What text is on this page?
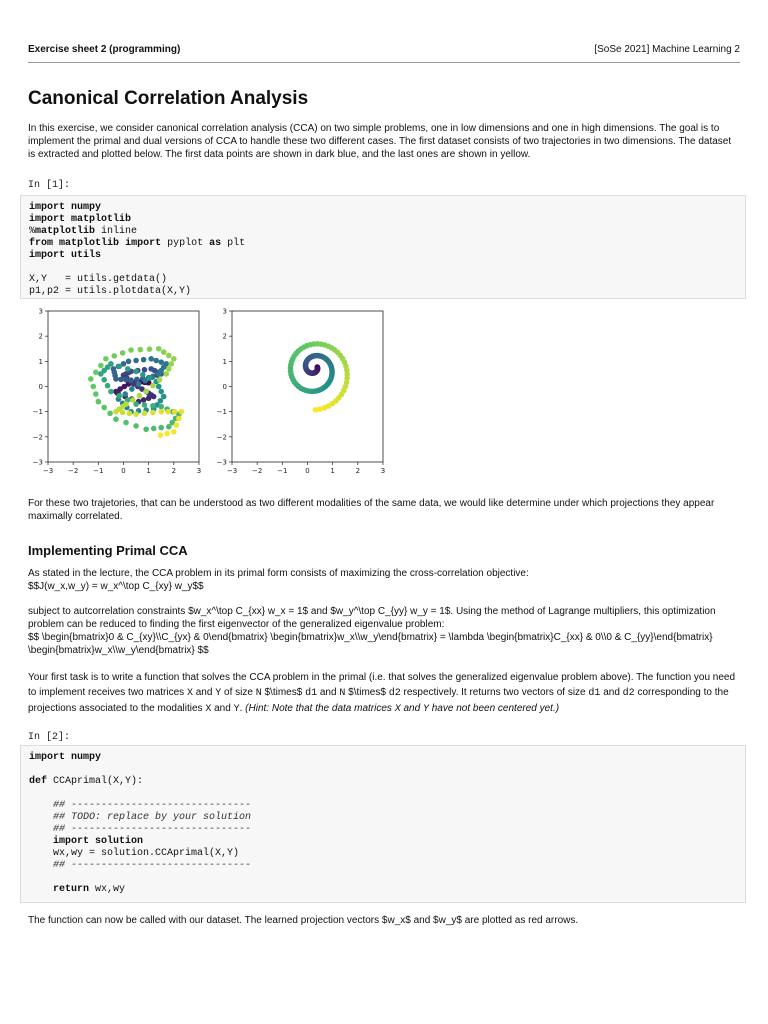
Exercise sheet 2 (programming)	[SoSe 2021] Machine Learning 2
Canonical Correlation Analysis

In this exercise, we consider canonical correlation analysis (CCA) on two simple problems, one in low dimensions and one in high dimensions. The goal is to implement the primal and dual versions of CCA to handle these two different cases. The first dataset consists of two trajectories in two dimensions. The dataset is extracted and plotted below. The first data points are shown in dark blue, and the last ones are shown in yellow.

In [1]:
import numpy
import matplotlib
%matplotlib inline
from matplotlib import pyplot as plt
import utils
X,Y   = utils.getdata()
p1,p2 = utils.plotdata(X,Y)
−3 −2 −1	0	1	2	3
3
2
1
0
−1
−2
−3
−3 −2 −1	0	1	2	3
3
2
1
0
−1
−2
−3

For these two trajetories, that can be understood as two different modalities of the same data, we would like determine under which projections they appear maximally correlated.

Implementing Primal CCA

As stated in the lecture, the CCA problem in its primal form consists of maximizing the cross-correlation objective:
$$J(w_x,w_y) = w_x^\top C_{xy} w_y$$

subject to autcorrelation constraints $w_x^\top C_{xx} w_x = 1$ and $w_y^\top C_{yy} w_y = 1$. Using the method of Lagrange multipliers, this optimization problem can be reduced to finding the first eigenvector of the generalized eigenvalue problem:
$$ \begin{bmatrix}0 & C_{xy}\\C_{yx} & 0\end{bmatrix} \begin{bmatrix}w_x\\w_y\end{bmatrix} = \lambda \begin{bmatrix}C_{xx} & 0\\0 & C_{yy}\end{bmatrix} \begin{bmatrix}w_x\\w_y\end{bmatrix} $$

Your first task is to write a function that solves the CCA problem in the primal (i.e. that solves the generalized eigenvalue problem above). The function you need to implement receives two matrices X and Y of size N $\times$ d1 and N $\times$ d2 respectively. It returns two vectors of size d1 and d2 corresponding to the projections associated to the modalities X and Y. (Hint: Note that the data matrices X and Y have not been centered yet.)

In [2]:
import numpy
def CCAprimal(X,Y):
## ------------------------------
## TODO: replace by your solution
## ------------------------------
import solution
wx,wy = solution.CCAprimal(X,Y)
## ------------------------------
return wx,wy

The function can now be called with our dataset. The learned projection vectors $w_x$ and $w_y$ are plotted as red arrows.
